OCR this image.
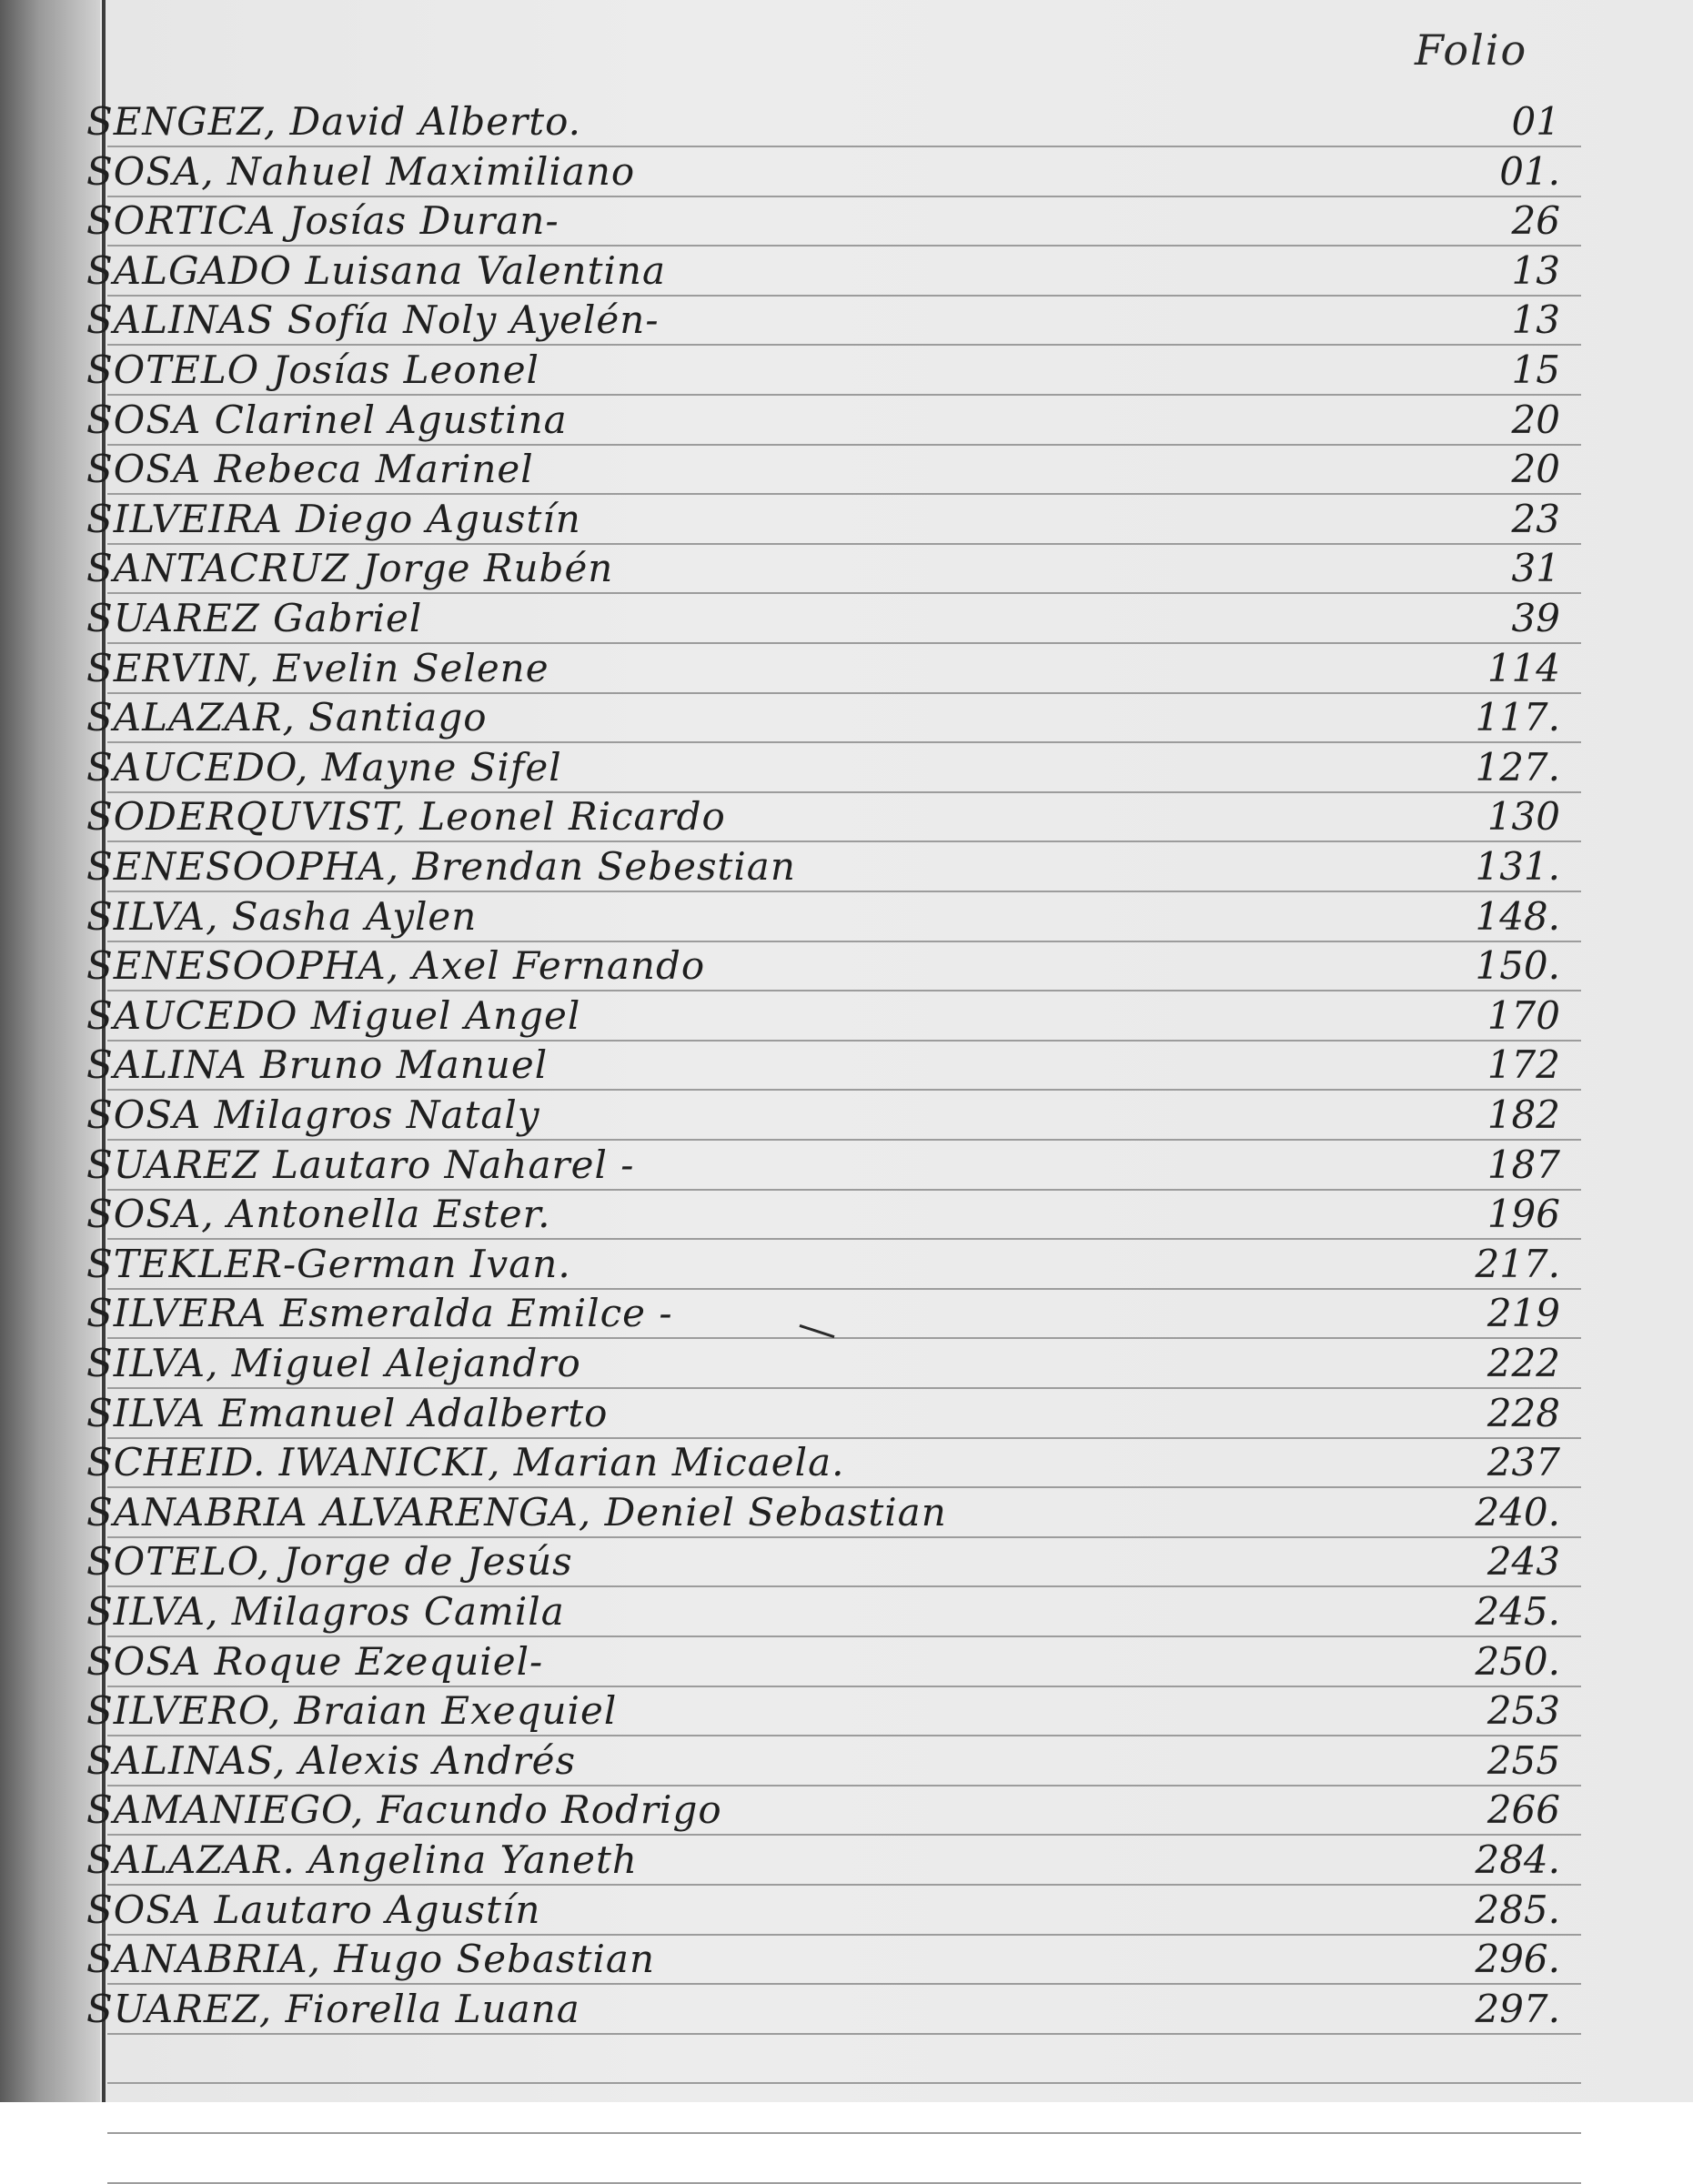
Folio
SENGEZ, David Alberto.	01
SOSA, Nahuel Maximiliano	01.
SORTICA Josías Duran-	26
SALGADO Luisana Valentina	13
SALINAS Sofía Noly Ayelén-	13
SOTELO Josías Leonel	15
SOSA Clarinel Agustina	20
SOSA Rebeca Marinel	20
SILVEIRA Diego Agustín	23
SANTACRUZ Jorge Rubén	31
SUAREZ Gabriel	39
SERVIN, Evelin Selene	114
SALAZAR, Santiago	117.
SAUCEDO, Mayne Sifel	127.
SODERQUVIST, Leonel Ricardo	130
SENESOOPHA, Brendan Sebestian	131.
SILVA, Sasha Aylen	148.
SENESOOPHA, Axel Fernando	150.
SAUCEDO Miguel Angel	170
SALINA Bruno Manuel	172
SOSA Milagros Nataly	182
SUAREZ Lautaro Naharel -	187
SOSA, Antonella Ester.	196
STEKLER-German Ivan.	217.
SILVERA Esmeralda Emilce -	219
SILVA, Miguel Alejandro	222
SILVA Emanuel Adalberto	228
SCHEID. IWANICKI, Marian Micaela.	237
SANABRIA ALVARENGA, Deniel Sebastian	240.
SOTELO, Jorge de Jesús	243
SILVA, Milagros Camila	245.
SOSA Roque Ezequiel-	250.
SILVERO, Braian Exequiel	253
SALINAS, Alexis Andrés	255
SAMANIEGO, Facundo Rodrigo	266
SALAZAR. Angelina Yaneth	284.
SOSA Lautaro Agustín	285.
SANABRIA, Hugo Sebastian	296.
SUAREZ, Fiorella Luana	297.
